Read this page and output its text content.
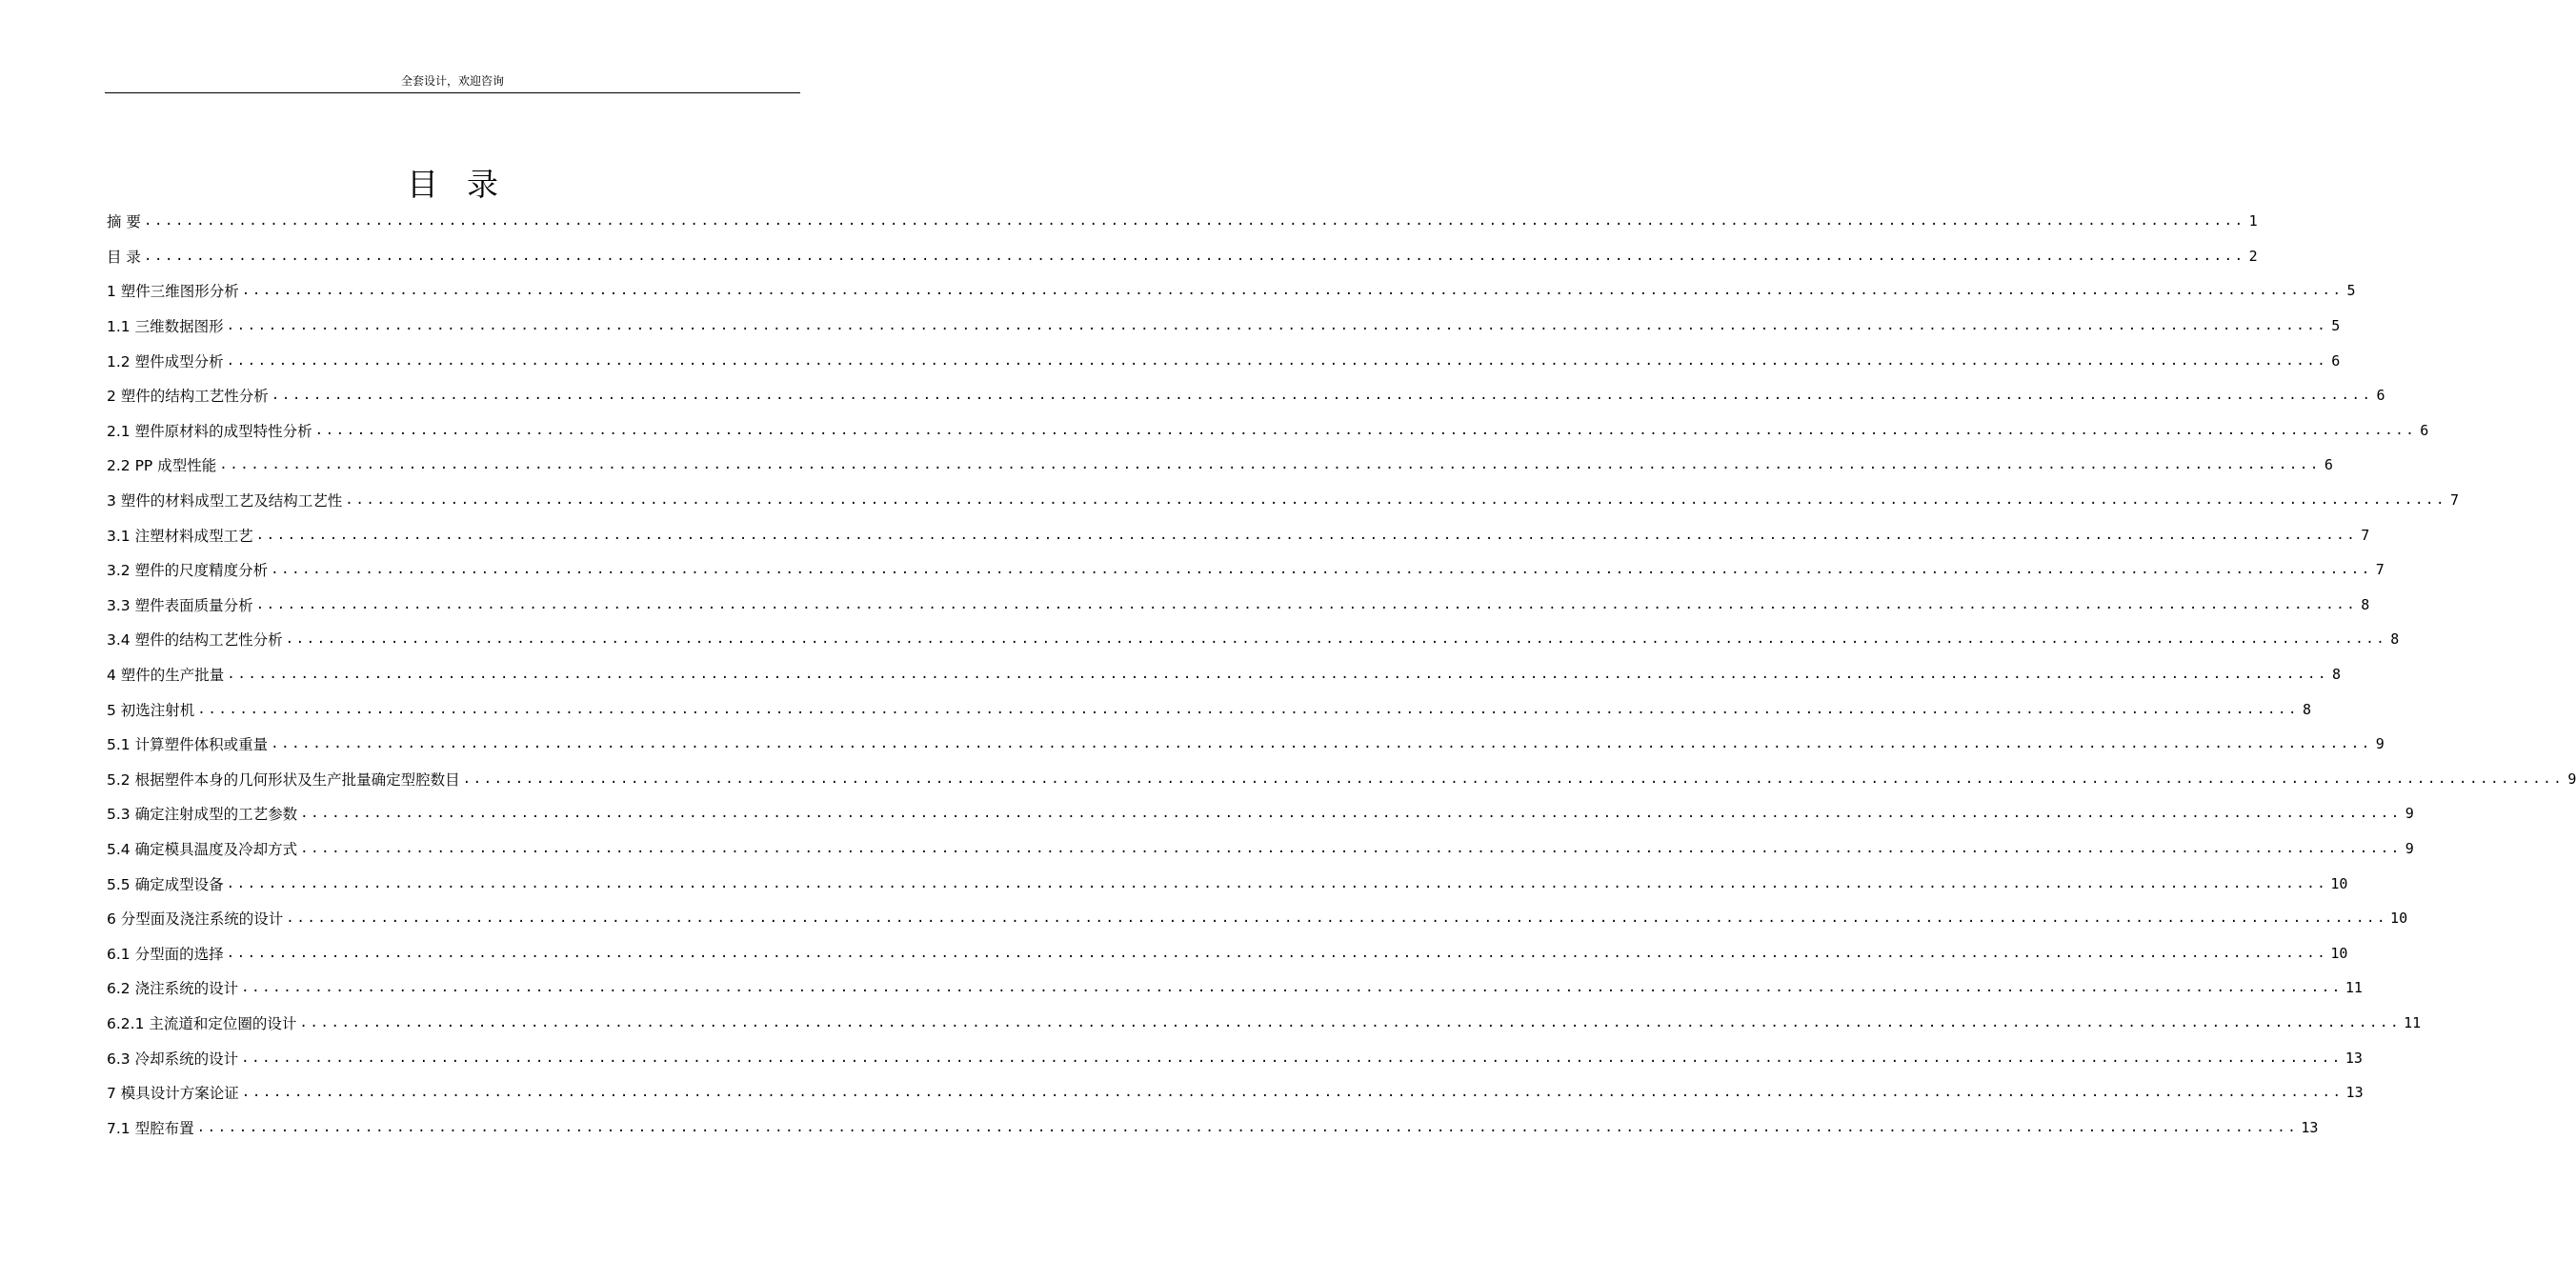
全套设计，欢迎咨询
目录
摘 要 ........................................................................................................................................................................................................ 1
目 录 ........................................................................................................................................................................................................ 2
1 塑件三维图形分析 ........................................................................................................................................................................................................ 5
1.1 三维数据图形 ........................................................................................................................................................................................................ 5
1.2 塑件成型分析 ........................................................................................................................................................................................................ 6
2 塑件的结构工艺性分析 ........................................................................................................................................................................................................ 6
2.1 塑件原材料的成型特性分析 ........................................................................................................................................................................................................ 6
2.2 PP 成型性能 ........................................................................................................................................................................................................ 6
3 塑件的材料成型工艺及结构工艺性 ........................................................................................................................................................................................................ 7
3.1 注塑材料成型工艺 ........................................................................................................................................................................................................ 7
3.2 塑件的尺度精度分析 ........................................................................................................................................................................................................ 7
3.3 塑件表面质量分析 ........................................................................................................................................................................................................ 8
3.4 塑件的结构工艺性分析 ........................................................................................................................................................................................................ 8
4 塑件的生产批量 ........................................................................................................................................................................................................ 8
5 初选注射机 ........................................................................................................................................................................................................ 8
5.1 计算塑件体积或重量 ........................................................................................................................................................................................................ 9
5.2 根据塑件本身的几何形状及生产批量确定型腔数目 ........................................................................................................................................................................................................ 9
5.3 确定注射成型的工艺参数 ........................................................................................................................................................................................................ 9
5.4 确定模具温度及冷却方式 ........................................................................................................................................................................................................ 9
5.5 确定成型设备 ........................................................................................................................................................................................................ 10
6 分型面及浇注系统的设计 ........................................................................................................................................................................................................ 10
6.1 分型面的选择 ........................................................................................................................................................................................................ 10
6.2 浇注系统的设计 ........................................................................................................................................................................................................ 11
6.2.1 主流道和定位圈的设计 ........................................................................................................................................................................................................ 11
6.3 冷却系统的设计 ........................................................................................................................................................................................................ 13
7 模具设计方案论证 ........................................................................................................................................................................................................ 13
7.1 型腔布置 ........................................................................................................................................................................................................ 13
